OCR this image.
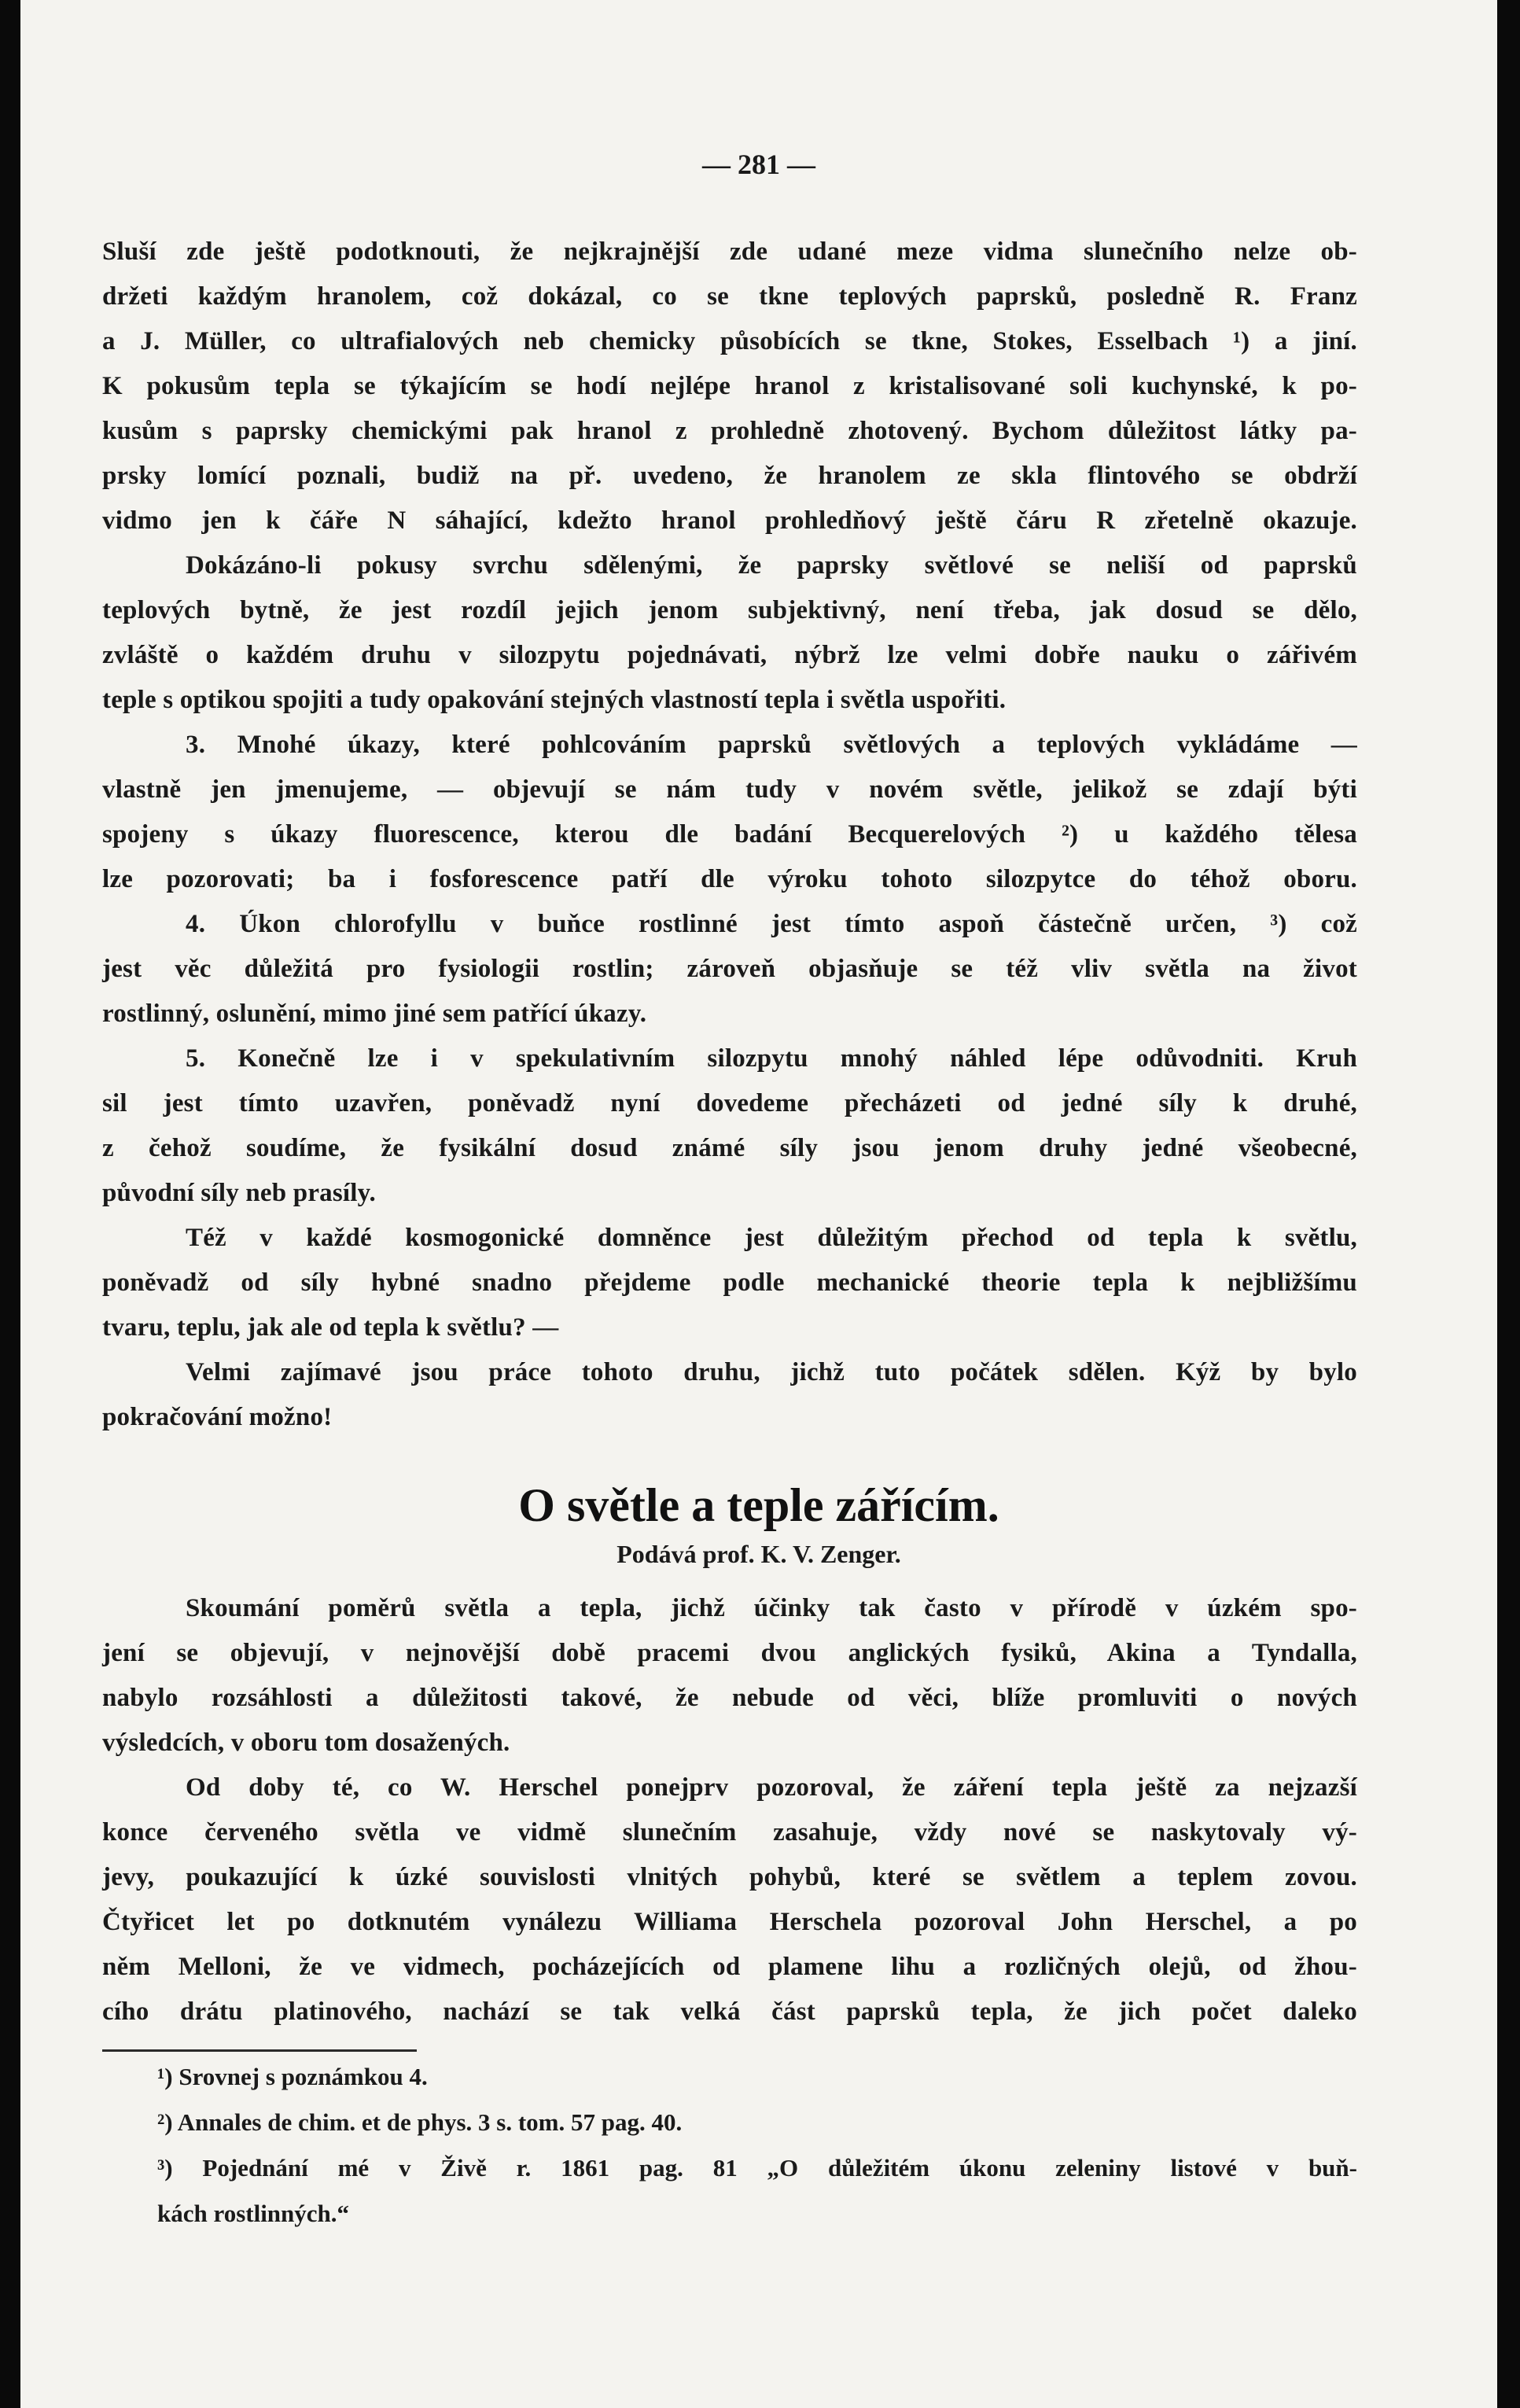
— 281 —
Sluší zde ještě podotknouti, že nejkrajnější zde udané meze vidma slunečního nelze ob-
držeti každým hranolem, což dokázal, co se tkne teplových paprsků, posledně R. Franz
a J. Müller, co ultrafialových neb chemicky působících se tkne, Stokes, Esselbach ¹) a jiní.
K pokusům tepla se týkajícím se hodí nejlépe hranol z kristalisované soli kuchynské, k po-
kusům s paprsky chemickými pak hranol z prohledně zhotovený. Bychom důležitost látky pa-
prsky lomící poznali, budiž na př. uvedeno, že hranolem ze skla flintového se obdrží
vidmo jen k čáře N sáhající, kdežto hranol prohledňový ještě čáru R zřetelně okazuje.
Dokázáno-li pokusy svrchu sdělenými, že paprsky světlové se neliší od paprsků
teplových bytně, že jest rozdíl jejich jenom subjektivný, není třeba, jak dosud se dělo,
zvláště o každém druhu v silozpytu pojednávati, nýbrž lze velmi dobře nauku o zářivém
teple s optikou spojiti a tudy opakování stejných vlastností tepla i světla uspořiti.
3. Mnohé úkazy, které pohlcováním paprsků světlových a teplových vykládáme —
vlastně jen jmenujeme, — objevují se nám tudy v novém světle, jelikož se zdají býti
spojeny s úkazy fluorescence, kterou dle badání Becquerelových ²) u každého tělesa
lze pozorovati; ba i fosforescence patří dle výroku tohoto silozpytce do téhož oboru.
4. Úkon chlorofyllu v buňce rostlinné jest tímto aspoň částečně určen, ³) což
jest věc důležitá pro fysiologii rostlin; zároveň objasňuje se též vliv světla na život
rostlinný, oslunění, mimo jiné sem patřící úkazy.
5. Konečně lze i v spekulativním silozpytu mnohý náhled lépe odůvodniti. Kruh
sil jest tímto uzavřen, poněvadž nyní dovedeme přecházeti od jedné síly k druhé,
z čehož soudíme, že fysikální dosud známé síly jsou jenom druhy jedné všeobecné,
původní síly neb prasíly.
Též v každé kosmogonické domněnce jest důležitým přechod od tepla k světlu,
poněvadž od síly hybné snadno přejdeme podle mechanické theorie tepla k nejbližšímu
tvaru, teplu, jak ale od tepla k světlu? —
Velmi zajímavé jsou práce tohoto druhu, jichž tuto počátek sdělen. Kýž by bylo
pokračování možno!
O světle a teple zářícím.
Podává prof. K. V. Zenger.
Skoumání poměrů světla a tepla, jichž účinky tak často v přírodě v úzkém spo-
jení se objevují, v nejnovější době pracemi dvou anglických fysiků, Akina a Tyndalla,
nabylo rozsáhlosti a důležitosti takové, že nebude od věci, blíže promluviti o nových
výsledcích, v oboru tom dosažených.
Od doby té, co W. Herschel ponejprv pozoroval, že záření tepla ještě za nejzazší
konce červeného světla ve vidmě slunečním zasahuje, vždy nové se naskytovaly vý-
jevy, poukazující k úzké souvislosti vlnitých pohybů, které se světlem a teplem zovou.
Čtyřicet let po dotknutém vynálezu Williama Herschela pozoroval John Herschel, a po
něm Melloni, že ve vidmech, pocházejících od plamene lihu a rozličných olejů, od žhou-
cího drátu platinového, nachází se tak velká část paprsků tepla, že jich počet daleko
¹) Srovnej s poznámkou 4.
²) Annales de chim. et de phys. 3 s. tom. 57 pag. 40.
³) Pojednání mé v Živě r. 1861 pag. 81 „O důležitém úkonu zeleniny listové v buň-
kách rostlinných.“
